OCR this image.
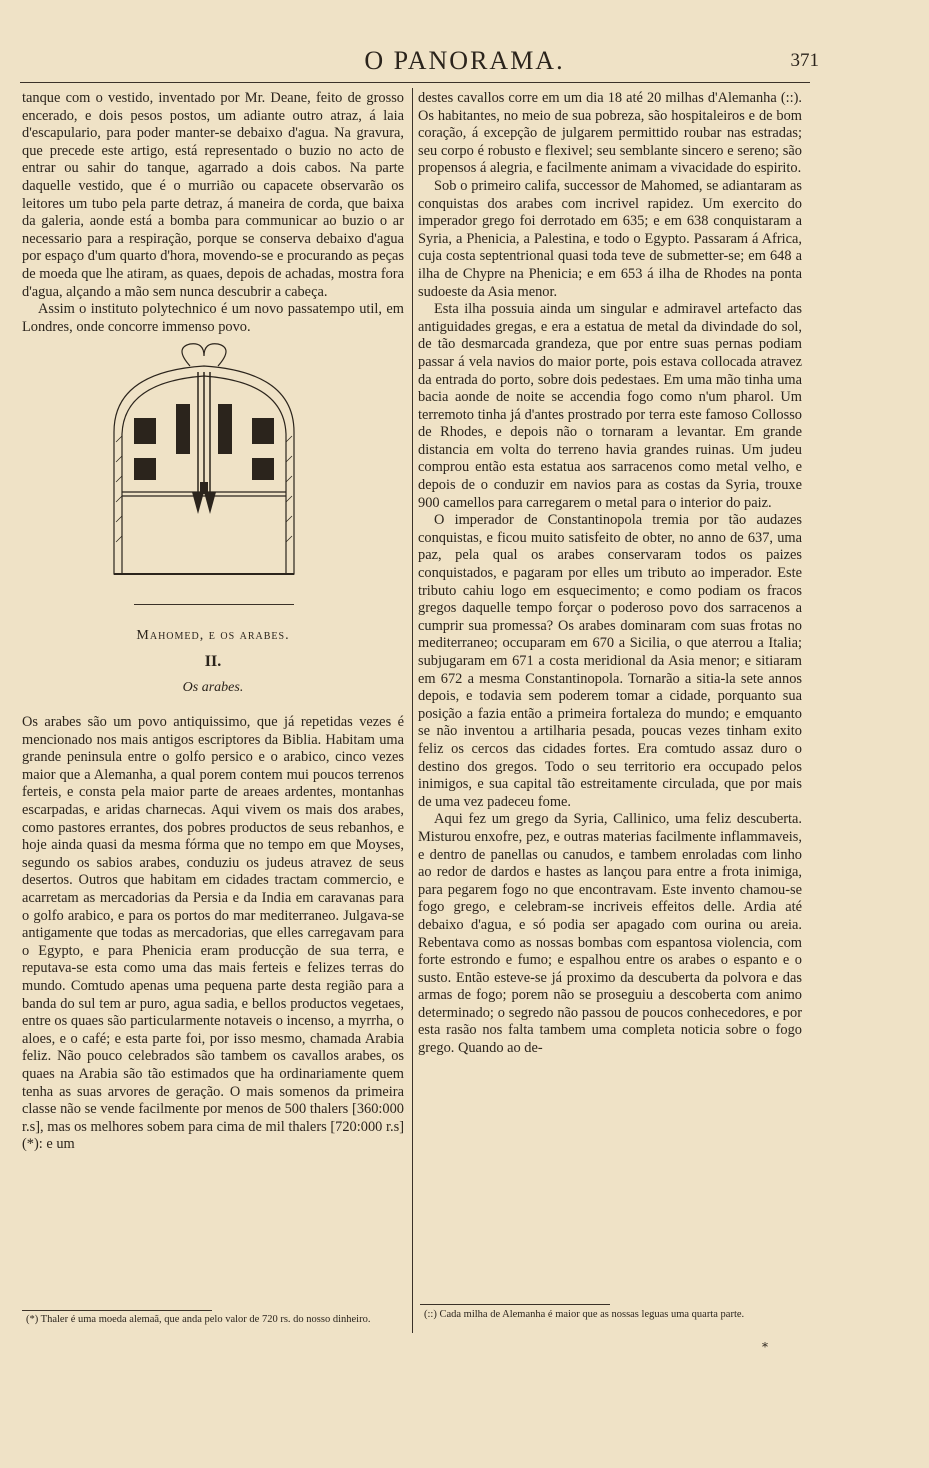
O PANORAMA.	371

tanque com o vestido, inventado por Mr. Deane, feito de grosso encerado, e dois pesos postos, um adiante outro atraz, á laia d'escapulario, para poder manter-se debaixo d'agua. Na gravura, que precede este artigo, está representado o buzio no acto de entrar ou sahir do tanque, agarrado a dois cabos. Na parte daquelle vestido, que é o murrião ou capacete observarão os leitores um tubo pela parte detraz, á maneira de corda, que baixa da galeria, aonde está a bomba para communicar ao buzio o ar necessario para a respiração, porque se conserva debaixo d'agua por espaço d'um quarto d'hora, movendo-se e procurando as peças de moeda que lhe atiram, as quaes, depois de achadas, mostra fora d'agua, alçando a mão sem nunca descubrir a cabeça.

Assim o instituto polytechnico é um novo passatempo util, em Londres, onde concorre immenso povo.

Mahomed, e os arabes.
II.
Os arabes.

Os arabes são um povo antiquissimo, que já repetidas vezes é mencionado nos mais antigos escriptores da Biblia. Habitam uma grande peninsula entre o golfo persico e o arabico, cinco vezes maior que a Alemanha, a qual porem contem mui poucos terrenos ferteis, e consta pela maior parte de areaes ardentes, montanhas escarpadas, e aridas charnecas. Aqui vivem os mais dos arabes, como pastores errantes, dos pobres productos de seus rebanhos, e hoje ainda quasi da mesma fórma que no tempo em que Moyses, segundo os sabios arabes, conduziu os judeus atravez de seus desertos. Outros que habitam em cidades tractam commercio, e acarretam as mercadorias da Persia e da India em caravanas para o golfo arabico, e para os portos do mar mediterraneo. Julgava-se antigamente que todas as mercadorias, que elles carregavam para o Egypto, e para Phenicia eram producção de sua terra, e reputava-se esta como uma das mais ferteis e felizes terras do mundo. Comtudo apenas uma pequena parte desta região para a banda do sul tem ar puro, agua sadia, e bellos productos vegetaes, entre os quaes são particularmente notaveis o incenso, a myrrha, o aloes, e o café; e esta parte foi, por isso mesmo, chamada Arabia feliz. Não pouco celebrados são tambem os cavallos arabes, os quaes na Arabia são tão estimados que ha ordinariamente quem tenha as suas arvores de geração. O mais somenos da primeira classe não se vende facilmente por menos de 500 thalers [360:000 r.s], mas os melhores sobem para cima de mil thalers [720:000 r.s] (*): e um

destes cavallos corre em um dia 18 até 20 milhas d'Alemanha (::). Os habitantes, no meio de sua pobreza, são hospitaleiros e de bom coração, á excepção de julgarem permittido roubar nas estradas; seu corpo é robusto e flexivel; seu semblante sincero e sereno; são propensos á alegria, e facilmente animam a vivacidade do espirito.

Sob o primeiro califa, successor de Mahomed, se adiantaram as conquistas dos arabes com incrivel rapidez. Um exercito do imperador grego foi derrotado em 635; e em 638 conquistaram a Syria, a Phenicia, a Palestina, e todo o Egypto. Passaram á Africa, cuja costa septentrional quasi toda teve de submetter-se; em 648 a ilha de Chypre na Phenicia; e em 653 á ilha de Rhodes na ponta sudoeste da Asia menor.

Esta ilha possuia ainda um singular e admiravel artefacto das antiguidades gregas, e era a estatua de metal da divindade do sol, de tão desmarcada grandeza, que por entre suas pernas podiam passar á vela navios do maior porte, pois estava collocada atravez da entrada do porto, sobre dois pedestaes. Em uma mão tinha uma bacia aonde de noite se accendia fogo como n'um pharol. Um terremoto tinha já d'antes prostrado por terra este famoso Collosso de Rhodes, e depois não o tornaram a levantar. Em grande distancia em volta do terreno havia grandes ruinas. Um judeu comprou então esta estatua aos sarracenos como metal velho, e depois de o conduzir em navios para as costas da Syria, trouxe 900 camellos para carregarem o metal para o interior do paiz.

O imperador de Constantinopola tremia por tão audazes conquistas, e ficou muito satisfeito de obter, no anno de 637, uma paz, pela qual os arabes conservaram todos os paizes conquistados, e pagaram por elles um tributo ao imperador. Este tributo cahiu logo em esquecimento; e como podiam os fracos gregos daquelle tempo forçar o poderoso povo dos sarracenos a cumprir sua promessa? Os arabes dominaram com suas frotas no mediterraneo; occuparam em 670 a Sicilia, o que aterrou a Italia; subjugaram em 671 a costa meridional da Asia menor; e sitiaram em 672 a mesma Constantinopola. Tornarão a sitia-la sete annos depois, e todavia sem poderem tomar a cidade, porquanto sua posição a fazia então a primeira fortaleza do mundo; e emquanto se não inventou a artilharia pesada, poucas vezes tinham exito feliz os cercos das cidades fortes. Era comtudo assaz duro o destino dos gregos. Todo o seu territorio era occupado pelos inimigos, e sua capital tão estreitamente circulada, que por mais de uma vez padeceu fome.

Aqui fez um grego da Syria, Callinico, uma feliz descuberta. Misturou enxofre, pez, e outras materias facilmente inflammaveis, e dentro de panellas ou canudos, e tambem enroladas com linho ao redor de dardos e hastes as lançou para entre a frota inimiga, para pegarem fogo no que encontravam. Este invento chamou-se fogo grego, e celebram-se incriveis effeitos delle. Ardia até debaixo d'agua, e só podia ser apagado com ourina ou areia. Rebentava como as nossas bombas com espantosa violencia, com forte estrondo e fumo; e espalhou entre os arabes o espanto e o susto. Então esteve-se já proximo da descuberta da polvora e das armas de fogo; porem não se proseguiu a descoberta com animo determinado; o segredo não passou de poucos conhecedores, e por esta rasão nos falta tambem uma completa noticia sobre o fogo grego. Quando ao de-

(*) Thaler é uma moeda alemaã, que anda pelo valor de 720 rs. do nosso dinheiro.	(::) Cada milha de Alemanha é maior que as nossas leguas uma quarta parte.
*
